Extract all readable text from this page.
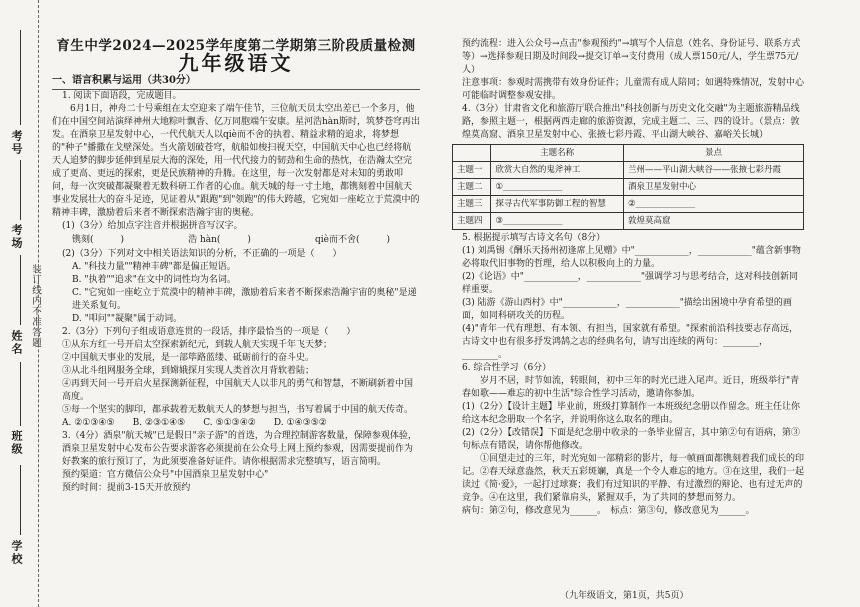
考号
考场
姓名
班级
学校
装订线内不准答题
育生中学2024—2025学年度第二学期第三阶段质量检测
九年级语文
一、语言积累与运用（共30分）

1. 阅读下面语段，完成题目。

6月1日，神舟二十号乘组在太空迎来了端午佳节，三位航天员太空出差已一个多月，他们在中国空间站演绎神州大地粽叶飘香、亿万同胞端午安康。星河浩hàn斯时，筑梦苍穹再出发。在酒泉卫星发射中心，一代代航天人以qiè而不舍的执着、精益求精的追求，将梦想的"种子"播撒在戈壁深处。当火箭划破苍穹，航船如梭扫视天空，中国航天中心也已经将航天人追梦的脚步延伸到星辰大海的深处，用一代代接力的韧劲和生命的热忱，在浩瀚太空完成了更高、更远的探索，更是民族精神的升腾。在这里，每一次发射都是对未知的勇敢叩问，每一次突破都凝聚着无数科研工作者的心血。航天城的每一寸土地，都镌刻着中国航天事业发展壮大的奋斗足迹，见证着从"跟跑"到"领跑"的伟大跨越，它宛如一座屹立于荒漠中的精神丰碑，激励着后来者不断探索浩瀚宇宙的奥秘。

(1)（3分）给加点字注音并根据拼音写汉字。

镌刻(　　　)	浩 hàn(　　　)	qiè而不舍(　　　)

(2)（3分）下列对文中相关语法知识的分析，不正确的一项是（　　）

A. "科技力量""精神丰碑"都是偏正短语。

B. "执着""追求"在文中的词性均为名词。

C. "它宛如一座屹立于荒漠中的精神丰碑，激励着后来者不断探索浩瀚宇宙的奥秘"是递进关系复句。

D. "叩问""凝聚"属于动词。

2.（3分）下列句子组成语意连贯的一段话，排序最恰当的一项是（　　）

①从东方红一号开启太空探索新纪元，到载人航天实现千年飞天梦；

②中国航天事业的发展，是一部筚路蓝缕、砥砺前行的奋斗史。

③从北斗组网服务全球，到嫦娥探月实现人类首次月背软着陆；

④再到天问一号开启火星探测新征程，中国航天人以非凡的勇气和智慧，不断刷新着中国高度。

⑤每一个坚实的脚印，都承载着无数航天人的梦想与担当，书写着属于中国的航天传奇。

A. ②①③④⑤　　B. ②③①④⑤　　C. ⑤①③④②　　D. ①④③⑤②

3.（4分）酒泉"航天城"已是假日"亲子游"的首选，为合理控制游客数量，保障参观体验，酒泉卫星发射中心发布公告要求游客必须提前在公众号上网上预约参观，因需要提前作为好教案的旅行预订了，为此须要准备好证件。请你根据需求完整填写，语言简明。

预约渠道：官方微信公众号"中国酒泉卫星发射中心"

预约时间：提前3-15天开放预约

预约流程：进入公众号→点击"参观预约"→填写个人信息（姓名、身份证号、联系方式等）→选择参观日期及时间段→提交订单→支付费用（成人票150元/人，学生票75元/人）

注意事项：参观时需携带有效身份证件；儿童需有成人陪同；如遇特殊情况，发射中心可能临时调整参观安排。

4.（3分）甘肃省文化和旅游厅联合推出"科技创新与历史文化交融"为主题旅游精品线路，参照主题一，根据两西走廊的旅游资源，完成主题二、三、四的设计。（景点：敦煌莫高窟、酒泉卫星发射中心、张掖七彩丹霞、平山湖大峡谷、嘉峪关长城）

	主题名称	景点
主题一	欣赏大自然的鬼斧神工	兰州——平山湖大峡谷——张掖七彩丹霞
主题二	①______________	酒泉卫星发射中心
主题三	探寻古代军事防御工程的智慧	②______________
主题四	③______________	敦煌莫高窟

5. 根据提示填写古诗文名句（8分）

(1) 刘禹锡《酬乐天扬州初逢席上见赠》中"____________，____________"蕴含新事物必将取代旧事物的哲理，给人以积极向上的力量。

(2)《论语》中"____________，____________"强调学习与思考结合，这对科技创新同样重要。

(3) 陆游《游山西村》中"____________，____________"描绘出困境中孕育希望的画面，如同科研攻关的历程。

(4)"青年一代有理想、有本领、有担当，国家就有希望。"探索前沿科技要志存高远，古诗文中也有很多抒发鸿鹄之志的经典名句，请写出连续的两句：________，________。

6. 综合性学习（6分）

岁月不居，时节如流，转眼间，初中三年的时光已进入尾声。近日，班级举行"青春如歌——难忘的初中生活"综合性学习活动，邀请你参加。

(1)（2分）【设计主题】毕业前，班级打算制作一本班级纪念册以作留念。班主任让你给这本纪念册取一个名字，并说明你这么取名的理由。

(2)（2分）【改错误】下面是纪念册中收录的一条毕业留言，其中第②句有语病，第③句标点有错误，请你帮他修改。

①回望走过的三年，时光宛如一部精彩的影片，每一帧画面都镌刻着我们成长的印记。②春天绿意盎然，秋天五彩斑斓，真是一个令人难忘的地方。③在这里，我们一起读过《简·爱》，一起打过球赛；我们有过知识的平静、有过激烈的辩论、也有过无声的竞争。④在这里，我们紧靠肩头，紧握双手，为了共同的梦想而努力。

病句：第②句，修改意见为______。　标点：第③句，修改意见为______。

（九年级语文，第1页，共5页）
